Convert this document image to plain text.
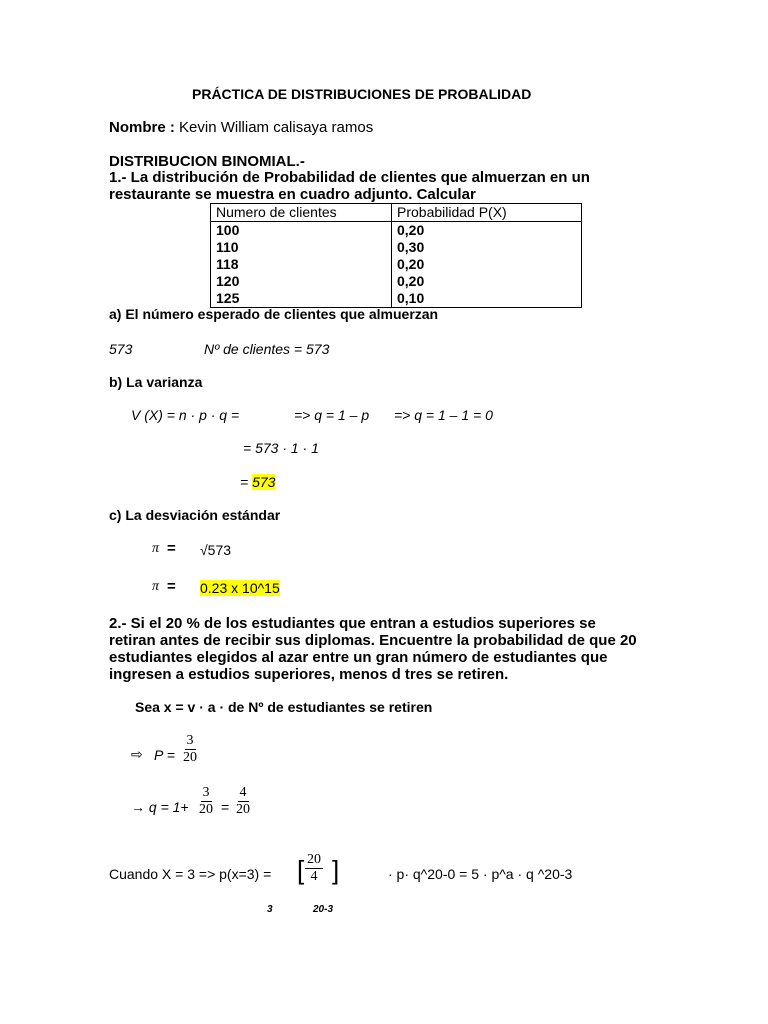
PRÁCTICA DE DISTRIBUCIONES DE PROBALIDAD
Nombre : Kevin William calisaya ramos
DISTRIBUCION BINOMIAL.-
1.- La distribución de Probabilidad de clientes que almuerzan en un
restaurante se muestra en cuadro adjunto. Calcular
Numero de clientes	Probabilidad P(X)
100	0,20
110	0,30
118	0,20
120	0,20
125	0,10
a) El número esperado de clientes que almuerzan
573	Nº de clientes = 573
b) La varianza
V (X) = n · p · q =	=> q = 1 – p => q = 1 – 1 = 0
= 573 · 1 · 1
= 573
c) La desviación estándar
π = √573
π = 0.23 x 10^15
2.- Si el 20 % de los estudiantes que entran a estudios superiores se
retiran antes de recibir sus diplomas. Encuentre la probabilidad de que 20
estudiantes elegidos al azar entre un gran número de estudiantes que
ingresen a estudios superiores, menos d tres se retiren.
Sea x = v · a · de Nº de estudiantes se retiren
⇨ $P = \frac{3}{20}$
→ $q = 1+ \frac{3}{20} = \frac{4}{20}$
Cuando X = 3 => p(x=3) = [ $\frac{20}{4}$ ]	· p· q^20-0 = 5 · p^a · q ^20-3
3	20-3
